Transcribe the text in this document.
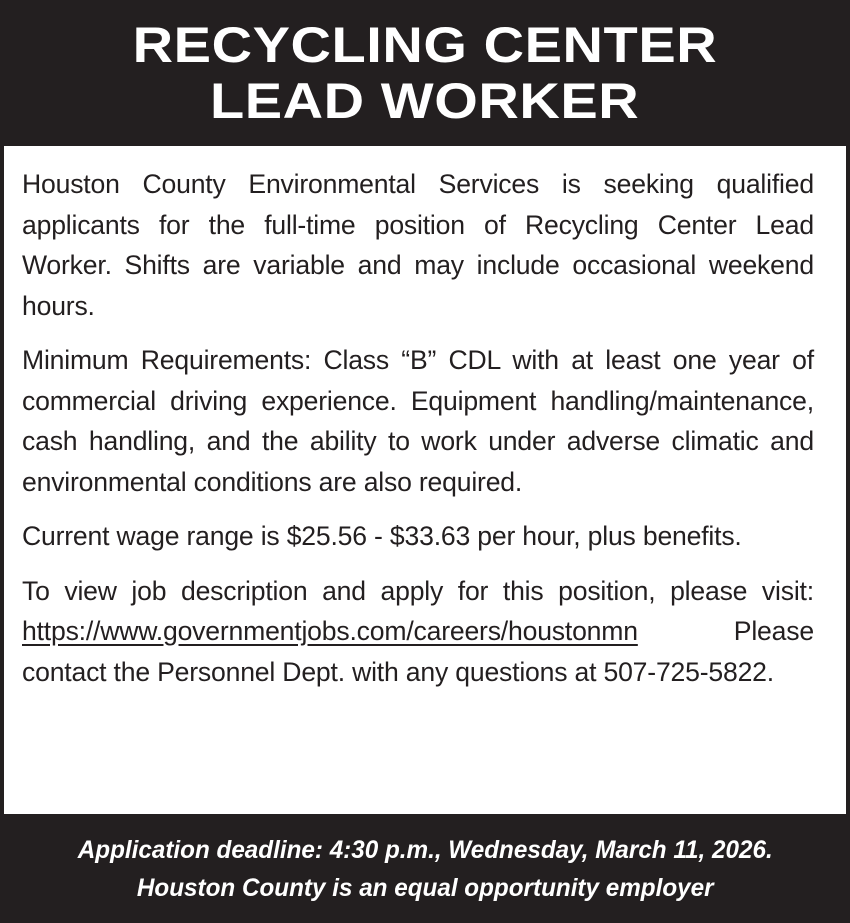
RECYCLING CENTER
LEAD WORKER

Houston County Environmental Services is seeking qualified applicants for the full-time position of Recycling Center Lead Worker. Shifts are variable and may include occasional weekend hours.

Minimum Requirements: Class “B” CDL with at least one year of commercial driving experience. Equipment handling/maintenance, cash handling, and the ability to work under adverse climatic and environmental conditions are also required.

Current wage range is $25.56 - $33.63 per hour, plus benefits.

To view job description and apply for this position, please visit: https://www.governmentjobs.com/careers/houstonmn Please contact the Personnel Dept. with any questions at 507-725-5822.

Application deadline: 4:30 p.m., Wednesday, March 11, 2026.
Houston County is an equal opportunity employer
